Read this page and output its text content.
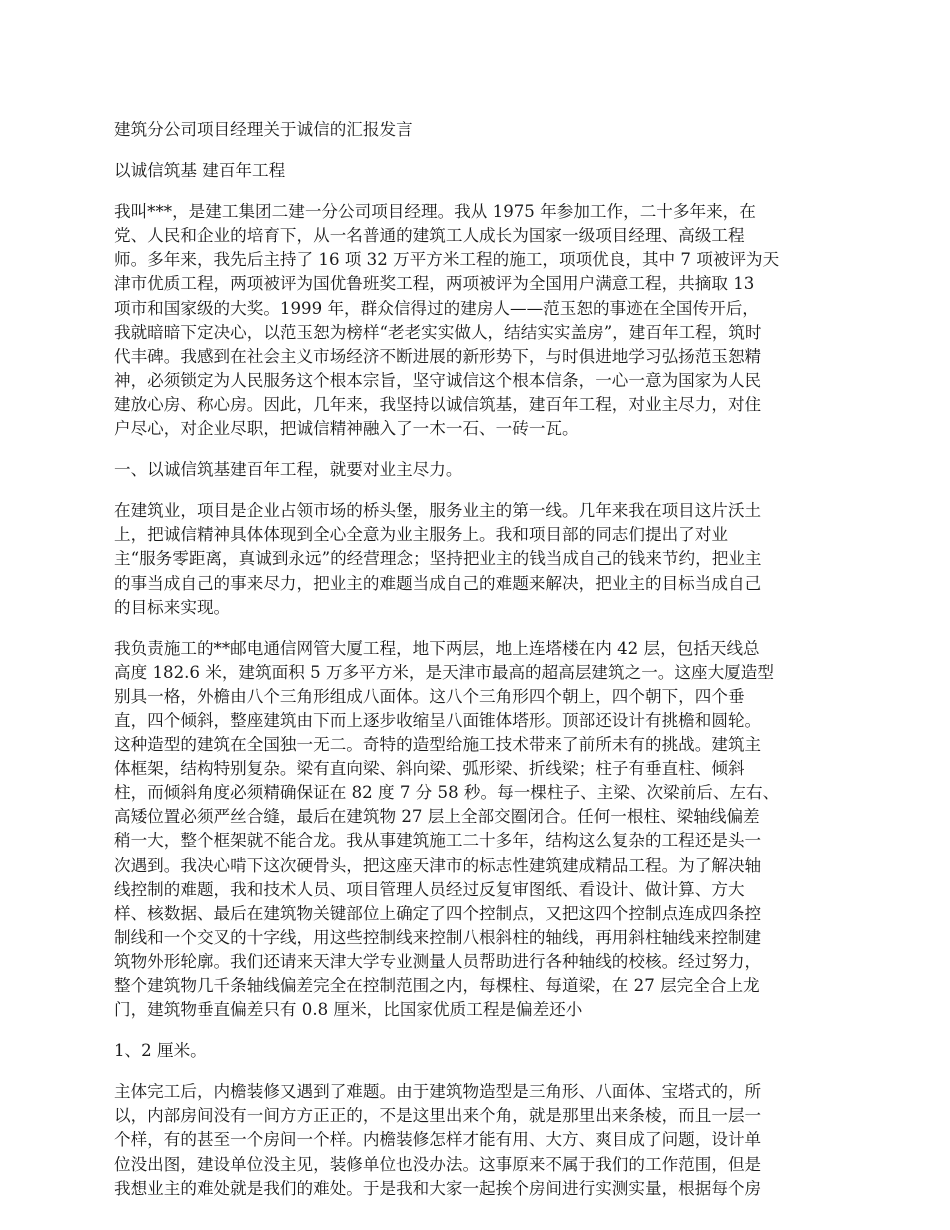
建筑分公司项目经理关于诚信的汇报发言

以诚信筑基 建百年工程

我叫***，是建工集团二建一分公司项目经理。我从 1975 年参加工作，二十多年来，在
党、人民和企业的培育下，从一名普通的建筑工人成长为国家一级项目经理、高级工程
师。多年来，我先后主持了 16 项 32 万平方米工程的施工，项项优良，其中 7 项被评为天
津市优质工程，两项被评为国优鲁班奖工程，两项被评为全国用户满意工程，共摘取 13
项市和国家级的大奖。1999 年，群众信得过的建房人——范玉恕的事迹在全国传开后，
我就暗暗下定决心，以范玉恕为榜样“老老实实做人，结结实实盖房”，建百年工程，筑时
代丰碑。我感到在社会主义市场经济不断进展的新形势下，与时俱进地学习弘扬范玉恕精
神，必须锁定为人民服务这个根本宗旨，坚守诚信这个根本信条，一心一意为国家为人民
建放心房、称心房。因此，几年来，我坚持以诚信筑基，建百年工程，对业主尽力，对住
户尽心，对企业尽职，把诚信精神融入了一木一石、一砖一瓦。

一、以诚信筑基建百年工程，就要对业主尽力。

在建筑业，项目是企业占领市场的桥头堡，服务业主的第一线。几年来我在项目这片沃土
上，把诚信精神具体体现到全心全意为业主服务上。我和项目部的同志们提出了对业
主“服务零距离，真诚到永远”的经营理念；坚持把业主的钱当成自己的钱来节约，把业主
的事当成自己的事来尽力，把业主的难题当成自己的难题来解决，把业主的目标当成自己
的目标来实现。

我负责施工的**邮电通信网管大厦工程，地下两层，地上连塔楼在内 42 层，包括天线总
高度 182.6 米，建筑面积 5 万多平方米，是天津市最高的超高层建筑之一。这座大厦造型
别具一格，外檐由八个三角形组成八面体。这八个三角形四个朝上，四个朝下，四个垂
直，四个倾斜，整座建筑由下而上逐步收缩呈八面锥体塔形。顶部还设计有挑檐和圆轮。
这种造型的建筑在全国独一无二。奇特的造型给施工技术带来了前所未有的挑战。建筑主
体框架，结构特别复杂。梁有直向梁、斜向梁、弧形梁、折线梁；柱子有垂直柱、倾斜
柱，而倾斜角度必须精确保证在 82 度 7 分 58 秒。每一棵柱子、主梁、次梁前后、左右、
高矮位置必须严丝合缝，最后在建筑物 27 层上全部交圈闭合。任何一根柱、梁轴线偏差
稍一大，整个框架就不能合龙。我从事建筑施工二十多年，结构这么复杂的工程还是头一
次遇到。我决心啃下这次硬骨头，把这座天津市的标志性建筑建成精品工程。为了解决轴
线控制的难题，我和技术人员、项目管理人员经过反复审图纸、看设计、做计算、方大
样、核数据、最后在建筑物关键部位上确定了四个控制点，又把这四个控制点连成四条控
制线和一个交叉的十字线，用这些控制线来控制八根斜柱的轴线，再用斜柱轴线来控制建
筑物外形轮廓。我们还请来天津大学专业测量人员帮助进行各种轴线的校核。经过努力，
整个建筑物几千条轴线偏差完全在控制范围之内，每棵柱、每道梁，在 27 层完全合上龙
门，建筑物垂直偏差只有 0.8 厘米，比国家优质工程是偏差还小

1、2 厘米。

主体完工后，内檐装修又遇到了难题。由于建筑物造型是三角形、八面体、宝塔式的，所
以，内部房间没有一间方方正正的，不是这里出来个角，就是那里出来条棱，而且一层一
个样，有的甚至一个房间一个样。内檐装修怎样才能有用、大方、爽目成了问题，设计单
位没出图，建设单位没主见，装修单位也没办法。这事原来不属于我们的工作范围，但是
我想业主的难处就是我们的难处。于是我和大家一起挨个房间进行实测实量，根据每个房
